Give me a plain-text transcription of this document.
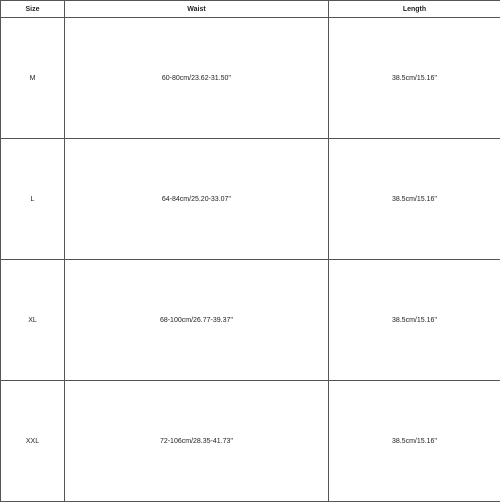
Size	Waist	Length
M	60-80cm/23.62-31.50''	38.5cm/15.16''
L	64-84cm/25.20-33.07''	38.5cm/15.16''
XL	68-100cm/26.77-39.37''	38.5cm/15.16''
XXL	72-106cm/28.35-41.73''	38.5cm/15.16''
